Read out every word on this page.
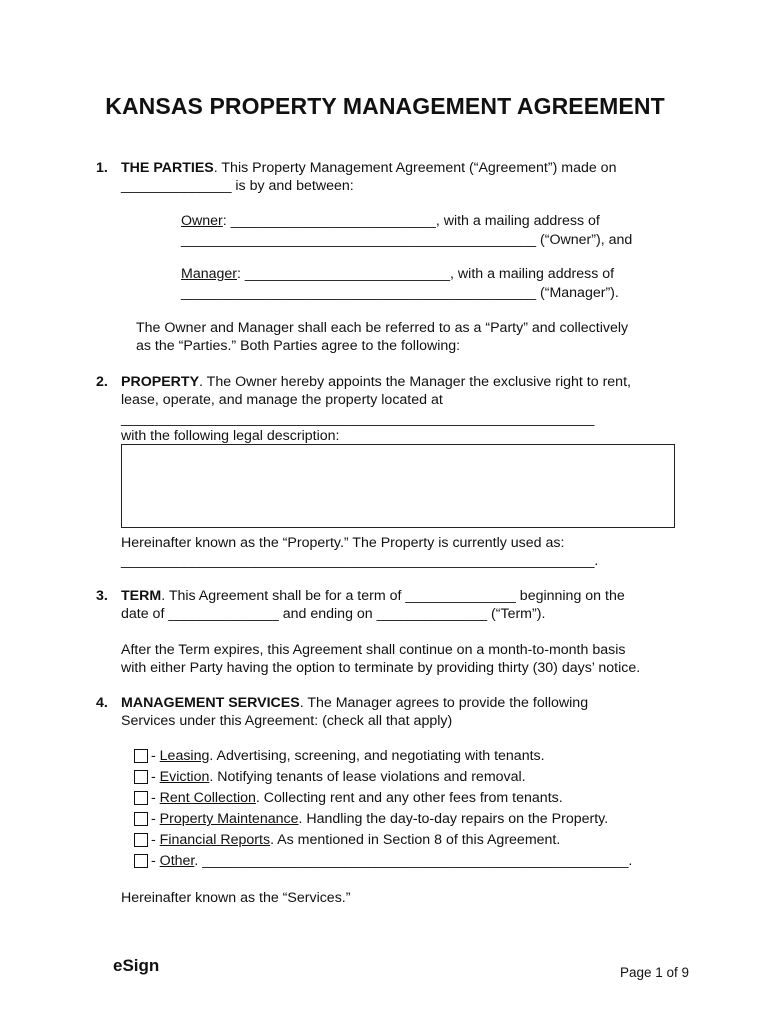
KANSAS PROPERTY MANAGEMENT AGREEMENT
1. THE PARTIES. This Property Management Agreement (“Agreement”) made on
______________ is by and between:
Owner: __________________________, with a mailing address of
_____________________________________________ (“Owner”), and
Manager: __________________________, with a mailing address of
_____________________________________________ (“Manager”).
The Owner and Manager shall each be referred to as a “Party” and collectively
as the “Parties.” Both Parties agree to the following:
2. PROPERTY. The Owner hereby appoints the Manager the exclusive right to rent,
lease, operate, and manage the property located at
____________________________________________________________
with the following legal description:
Hereinafter known as the “Property.” The Property is currently used as:
____________________________________________________________.
3. TERM. This Agreement shall be for a term of ______________ beginning on the
date of ______________ and ending on ______________ (“Term”).
After the Term expires, this Agreement shall continue on a month-to-month basis
with either Party having the option to terminate by providing thirty (30) days’ notice.
4. MANAGEMENT SERVICES. The Manager agrees to provide the following
Services under this Agreement: (check all that apply)
- Leasing. Advertising, screening, and negotiating with tenants.
- Eviction. Notifying tenants of lease violations and removal.
- Rent Collection. Collecting rent and any other fees from tenants.
- Property Maintenance. Handling the day-to-day repairs on the Property.
- Financial Reports. As mentioned in Section 8 of this Agreement.
- Other. ______________________________________________________.
Hereinafter known as the “Services.”
eSign	Page 1 of 9
